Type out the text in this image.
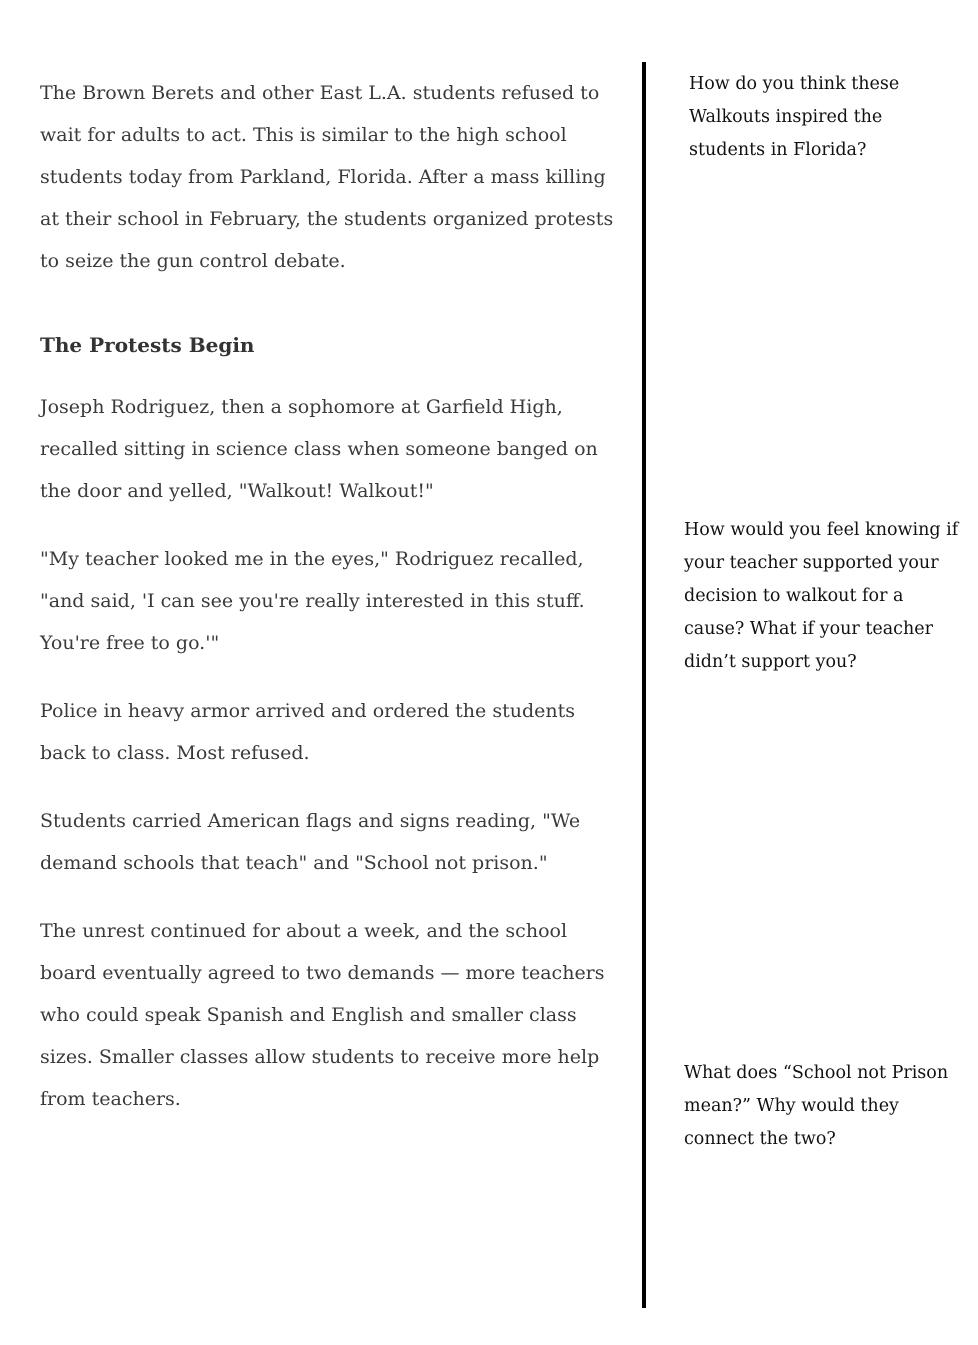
The Brown Berets and other East L.A. students refused to wait for adults to act. This is similar to the high school students today from Parkland, Florida. After a mass killing at their school in February, the students organized protests to seize the gun control debate.

The Protests Begin

Joseph Rodriguez, then a sophomore at Garfield High, recalled sitting in science class when someone banged on the door and yelled, "Walkout! Walkout!"

"My teacher looked me in the eyes," Rodriguez recalled, "and said, 'I can see you're really interested in this stuff. You're free to go.'"

Police in heavy armor arrived and ordered the students back to class. Most refused.

Students carried American flags and signs reading, "We demand schools that teach" and "School not prison."

The unrest continued for about a week, and the school board eventually agreed to two demands — more teachers who could speak Spanish and English and smaller class sizes. Smaller classes allow students to receive more help from teachers.

How do you think these Walkouts inspired the students in Florida?
How would you feel knowing if your teacher supported your decision to walkout for a cause? What if your teacher didn’t support you?
What does “School not Prison mean?” Why would they connect the two?
